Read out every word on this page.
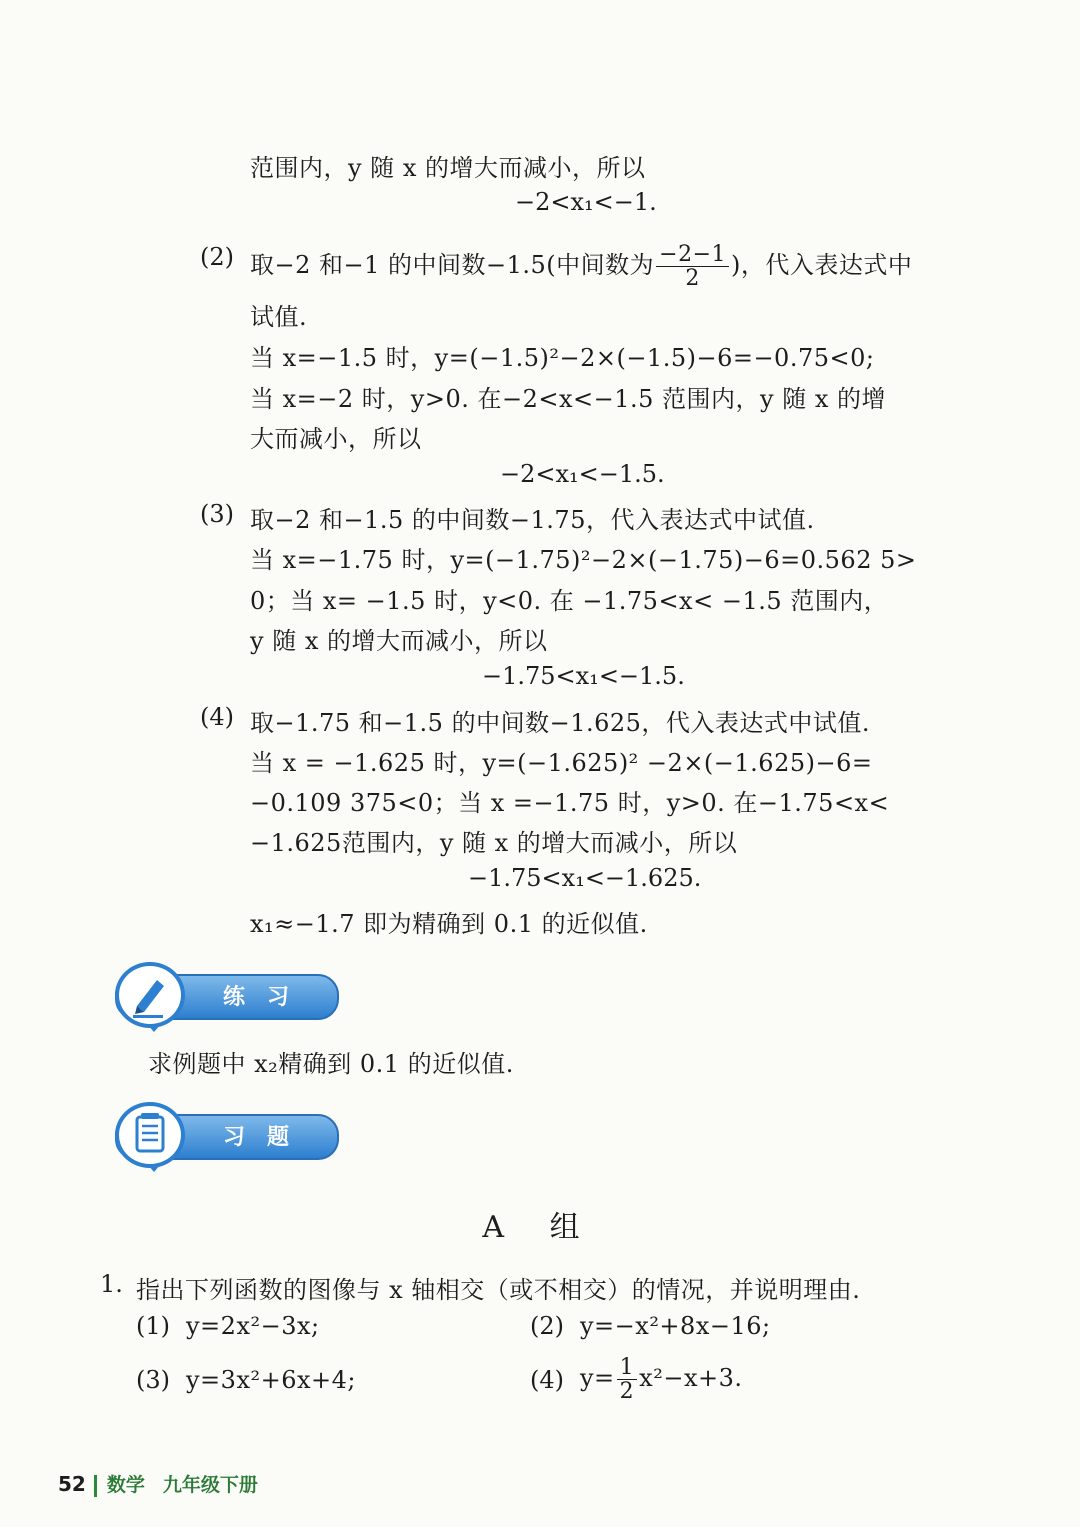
范围内，y 随 x 的增大而减小，所以
−2<x₁<−1.
(2) 取−2 和−1 的中间数−1.5(中间数为 $\frac{-2-1}{2}$ )，代入表达式中
试值.
当 x=−1.5 时，y=(−1.5)²−2×(−1.5)−6=−0.75<0;
当 x=−2 时，y>0. 在−2<x<−1.5 范围内，y 随 x 的增
大而减小，所以
−2<x₁<−1.5.
(3) 取−2 和−1.5 的中间数−1.75，代入表达式中试值.
当 x=−1.75 时，y=(−1.75)²−2×(−1.75)−6=0.562 5>
0；当 x= −1.5 时，y<0. 在 −1.75<x< −1.5 范围内，
y 随 x 的增大而减小，所以
−1.75<x₁<−1.5.
(4) 取−1.75 和−1.5 的中间数−1.625，代入表达式中试值.
当 x = −1.625 时，y=(−1.625)² −2×(−1.625)−6=
−0.109 375<0；当 x =−1.75 时，y>0. 在−1.75<x<
−1.625范围内，y 随 x 的增大而减小，所以
−1.75<x₁<−1.625.
x₁≈−1.7 即为精确到 0.1 的近似值.
练习
求例题中 x₂精确到 0.1 的近似值.
习题
A 组
1. 指出下列函数的图像与 x 轴相交（或不相交）的情况，并说明理由.
(1) y=2x²−3x;	(2) y=−x²+8x−16;
(3) y=3x²+6x+4;	(4) $y= \frac{1}{2} x^2-x+3$.
52 数学 九年级下册
